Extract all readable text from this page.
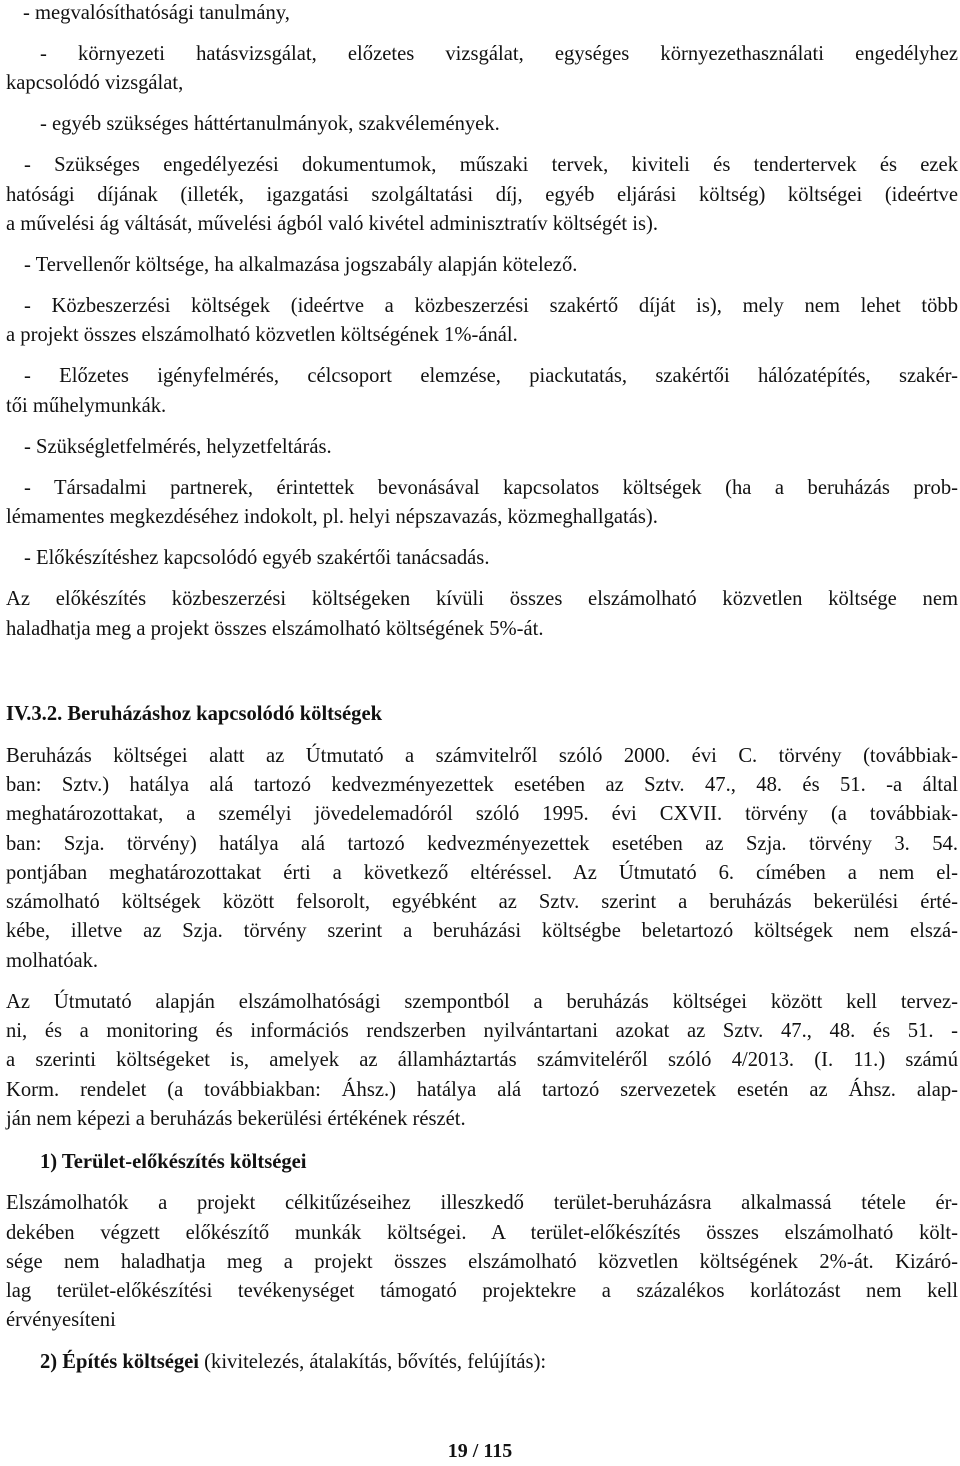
- megvalósíthatósági tanulmány,
- környezeti hatásvizsgálat, előzetes vizsgálat, egységes környezethasználati engedélyhez
kapcsolódó vizsgálat,
- egyéb szükséges háttértanulmányok, szakvélemények.
- Szükséges engedélyezési dokumentumok, műszaki tervek, kiviteli és tendertervek és ezek
hatósági díjának (illeték, igazgatási szolgáltatási díj, egyéb eljárási költség) költségei (ideértve
a művelési ág váltását, művelési ágból való kivétel adminisztratív költségét is).
- Tervellenőr költsége, ha alkalmazása jogszabály alapján kötelező.
- Közbeszerzési költségek (ideértve a közbeszerzési szakértő díját is), mely nem lehet több
a projekt összes elszámolható közvetlen költségének 1%-ánál.
- Előzetes igényfelmérés, célcsoport elemzése, piackutatás, szakértői hálózatépítés, szakér-
tői műhelymunkák.
- Szükségletfelmérés, helyzetfeltárás.
- Társadalmi partnerek, érintettek bevonásával kapcsolatos költségek (ha a beruházás prob-
lémamentes megkezdéséhez indokolt, pl. helyi népszavazás, közmeghallgatás).
- Előkészítéshez kapcsolódó egyéb szakértői tanácsadás.
Az előkészítés közbeszerzési költségeken kívüli összes elszámolható közvetlen költsége nem
haladhatja meg a projekt összes elszámolható költségének 5%-át.
IV.3.2. Beruházáshoz kapcsolódó költségek
Beruházás költségei alatt az Útmutató a számvitelről szóló 2000. évi C. törvény (továbbiak-
ban: Sztv.) hatálya alá tartozó kedvezményezettek esetében az Sztv. 47., 48. és 51. -a által
meghatározottakat, a személyi jövedelemadóról szóló 1995. évi CXVII. törvény (a továbbiak-
ban: Szja. törvény) hatálya alá tartozó kedvezményezettek esetében az Szja. törvény 3. 54.
pontjában meghatározottakat érti a következő eltéréssel. Az Útmutató 6. címében a nem el-
számolható költségek között felsorolt, egyébként az Sztv. szerint a beruházás bekerülési érté-
kébe, illetve az Szja. törvény szerint a beruházási költségbe beletartozó költségek nem elszá-
molhatóak.
Az Útmutató alapján elszámolhatósági szempontból a beruházás költségei között kell tervez-
ni, és a monitoring és információs rendszerben nyilvántartani azokat az Sztv. 47., 48. és 51. -
a szerinti költségeket is, amelyek az államháztartás számviteléről szóló 4/2013. (I. 11.) számú
Korm. rendelet (a továbbiakban: Áhsz.) hatálya alá tartozó szervezetek esetén az Áhsz. alap-
ján nem képezi a beruházás bekerülési értékének részét.
1) Terület-előkészítés költségei
Elszámolhatók a projekt célkitűzéseihez illeszkedő terület-beruházásra alkalmassá tétele ér-
dekében végzett előkészítő munkák költségei. A terület-előkészítés összes elszámolható költ-
sége nem haladhatja meg a projekt összes elszámolható közvetlen költségének 2%-át. Kizáró-
lag terület-előkészítési tevékenységet támogató projektekre a százalékos korlátozást nem kell
érvényesíteni
2) Építés költségei (kivitelezés, átalakítás, bővítés, felújítás):
19 / 115
